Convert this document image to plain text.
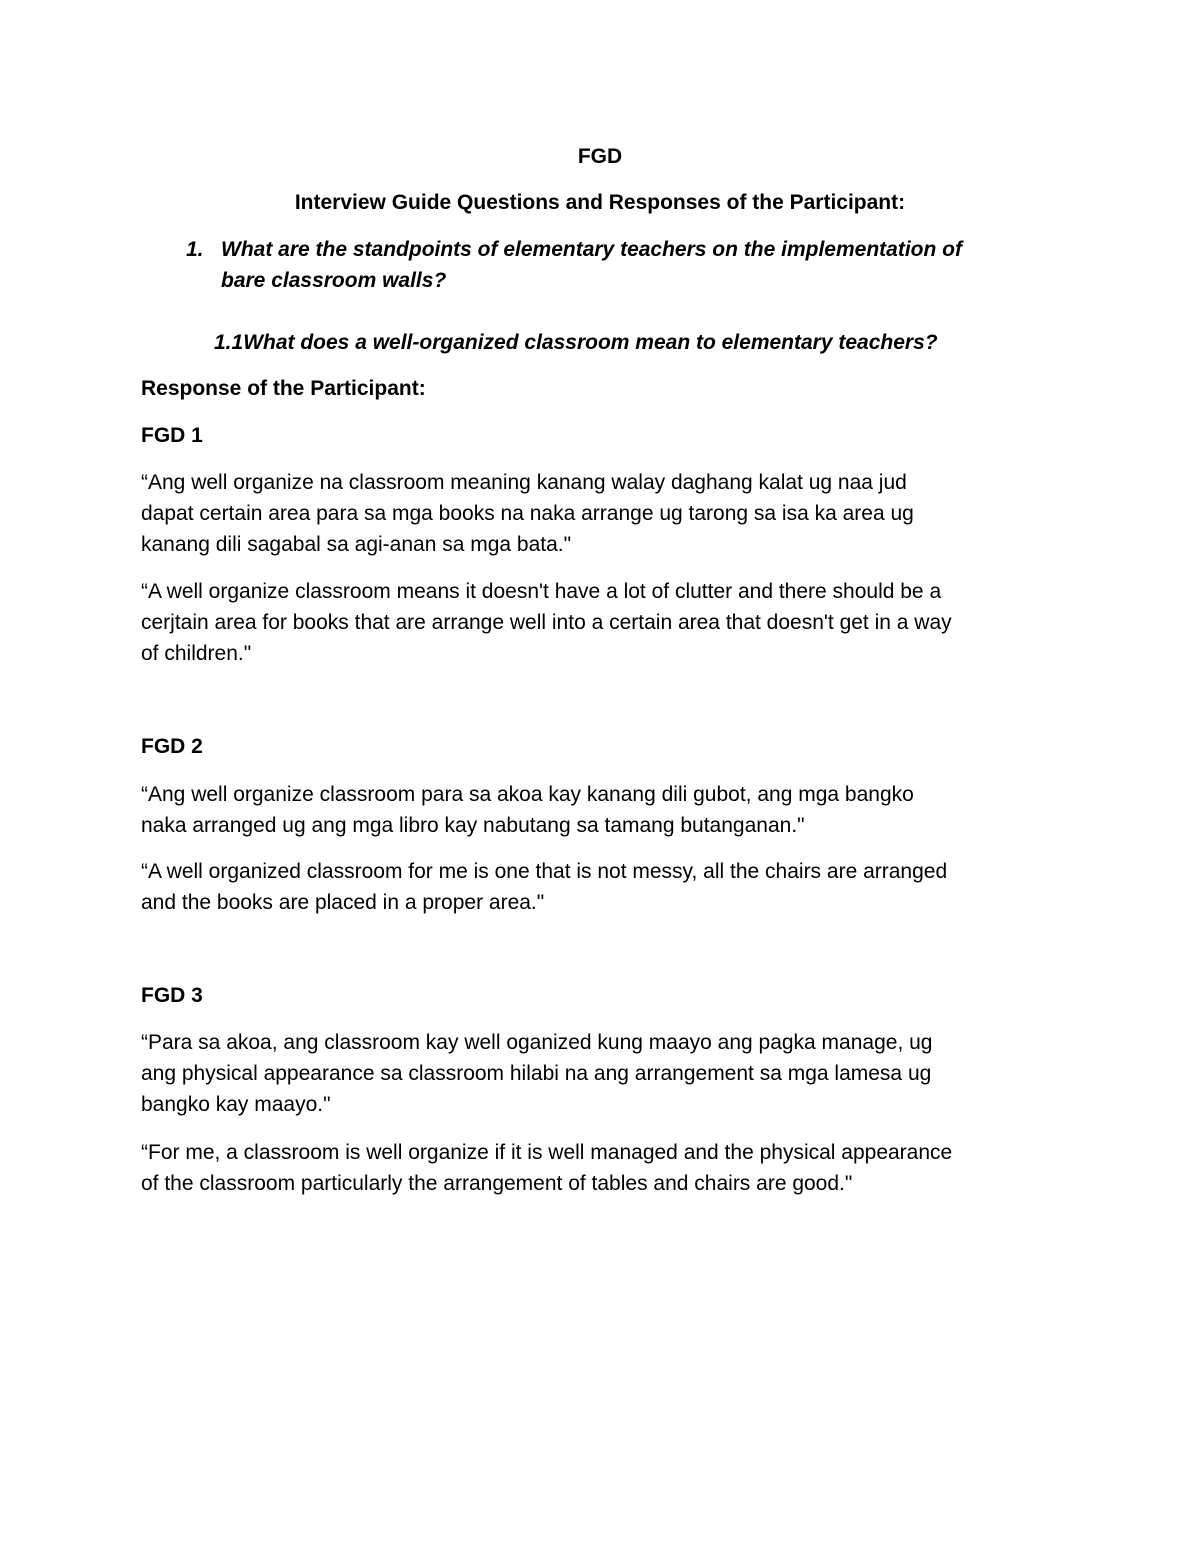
FGD

Interview Guide Questions and Responses of the Participant:

1. What are the standpoints of elementary teachers on the implementation of
bare classroom walls?

1.1What does a well-organized classroom mean to elementary teachers?

Response of the Participant:

FGD 1

“Ang well organize na classroom meaning kanang walay daghang kalat ug naa jud
dapat certain area para sa mga books na naka arrange ug tarong sa isa ka area ug
kanang dili sagabal sa agi-anan sa mga bata."
“A well organize classroom means it doesn't have a lot of clutter and there should be a
cerjtain area for books that are arrange well into a certain area that doesn't get in a way
of children."

FGD 2

“Ang well organize classroom para sa akoa kay kanang dili gubot, ang mga bangko
naka arranged ug ang mga libro kay nabutang sa tamang butanganan."
“A well organized classroom for me is one that is not messy, all the chairs are arranged
and the books are placed in a proper area."

FGD 3

“Para sa akoa, ang classroom kay well oganized kung maayo ang pagka manage, ug
ang physical appearance sa classroom hilabi na ang arrangement sa mga lamesa ug
bangko kay maayo."
“For me, a classroom is well organize if it is well managed and the physical appearance
of the classroom particularly the arrangement of tables and chairs are good."
